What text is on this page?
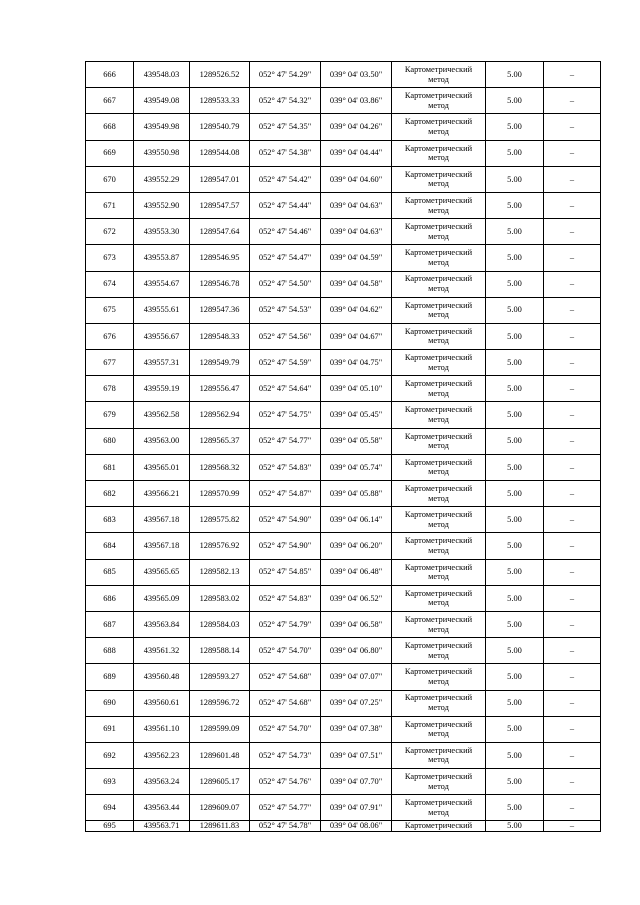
666	439548.03	1289526.52	052° 47' 54.29"	039° 04' 03.50"	Картометрический
метод	5.00	–
667	439549.08	1289533.33	052° 47' 54.32"	039° 04' 03.86"	Картометрический
метод	5.00	–
668	439549.98	1289540.79	052° 47' 54.35"	039° 04' 04.26"	Картометрический
метод	5.00	–
669	439550.98	1289544.08	052° 47' 54.38"	039° 04' 04.44"	Картометрический
метод	5.00	–
670	439552.29	1289547.01	052° 47' 54.42"	039° 04' 04.60"	Картометрический
метод	5.00	–
671	439552.90	1289547.57	052° 47' 54.44"	039° 04' 04.63"	Картометрический
метод	5.00	–
672	439553.30	1289547.64	052° 47' 54.46"	039° 04' 04.63"	Картометрический
метод	5.00	–
673	439553.87	1289546.95	052° 47' 54.47"	039° 04' 04.59"	Картометрический
метод	5.00	–
674	439554.67	1289546.78	052° 47' 54.50"	039° 04' 04.58"	Картометрический
метод	5.00	–
675	439555.61	1289547.36	052° 47' 54.53"	039° 04' 04.62"	Картометрический
метод	5.00	–
676	439556.67	1289548.33	052° 47' 54.56"	039° 04' 04.67"	Картометрический
метод	5.00	–
677	439557.31	1289549.79	052° 47' 54.59"	039° 04' 04.75"	Картометрический
метод	5.00	–
678	439559.19	1289556.47	052° 47' 54.64"	039° 04' 05.10"	Картометрический
метод	5.00	–
679	439562.58	1289562.94	052° 47' 54.75"	039° 04' 05.45"	Картометрический
метод	5.00	–
680	439563.00	1289565.37	052° 47' 54.77"	039° 04' 05.58"	Картометрический
метод	5.00	–
681	439565.01	1289568.32	052° 47' 54.83"	039° 04' 05.74"	Картометрический
метод	5.00	–
682	439566.21	1289570.99	052° 47' 54.87"	039° 04' 05.88"	Картометрический
метод	5.00	–
683	439567.18	1289575.82	052° 47' 54.90"	039° 04' 06.14"	Картометрический
метод	5.00	–
684	439567.18	1289576.92	052° 47' 54.90"	039° 04' 06.20"	Картометрический
метод	5.00	–
685	439565.65	1289582.13	052° 47' 54.85"	039° 04' 06.48"	Картометрический
метод	5.00	–
686	439565.09	1289583.02	052° 47' 54.83"	039° 04' 06.52"	Картометрический
метод	5.00	–
687	439563.84	1289584.03	052° 47' 54.79"	039° 04' 06.58"	Картометрический
метод	5.00	–
688	439561.32	1289588.14	052° 47' 54.70"	039° 04' 06.80"	Картометрический
метод	5.00	–
689	439560.48	1289593.27	052° 47' 54.68"	039° 04' 07.07"	Картометрический
метод	5.00	–
690	439560.61	1289596.72	052° 47' 54.68"	039° 04' 07.25"	Картометрический
метод	5.00	–
691	439561.10	1289599.09	052° 47' 54.70"	039° 04' 07.38"	Картометрический
метод	5.00	–
692	439562.23	1289601.48	052° 47' 54.73"	039° 04' 07.51"	Картометрический
метод	5.00	–
693	439563.24	1289605.17	052° 47' 54.76"	039° 04' 07.70"	Картометрический
метод	5.00	–
694	439563.44	1289609.07	052° 47' 54.77"	039° 04' 07.91"	Картометрический
метод	5.00	–
695	439563.71	1289611.83	052° 47' 54.78"	039° 04' 08.06"	Картометрический	5.00	–
